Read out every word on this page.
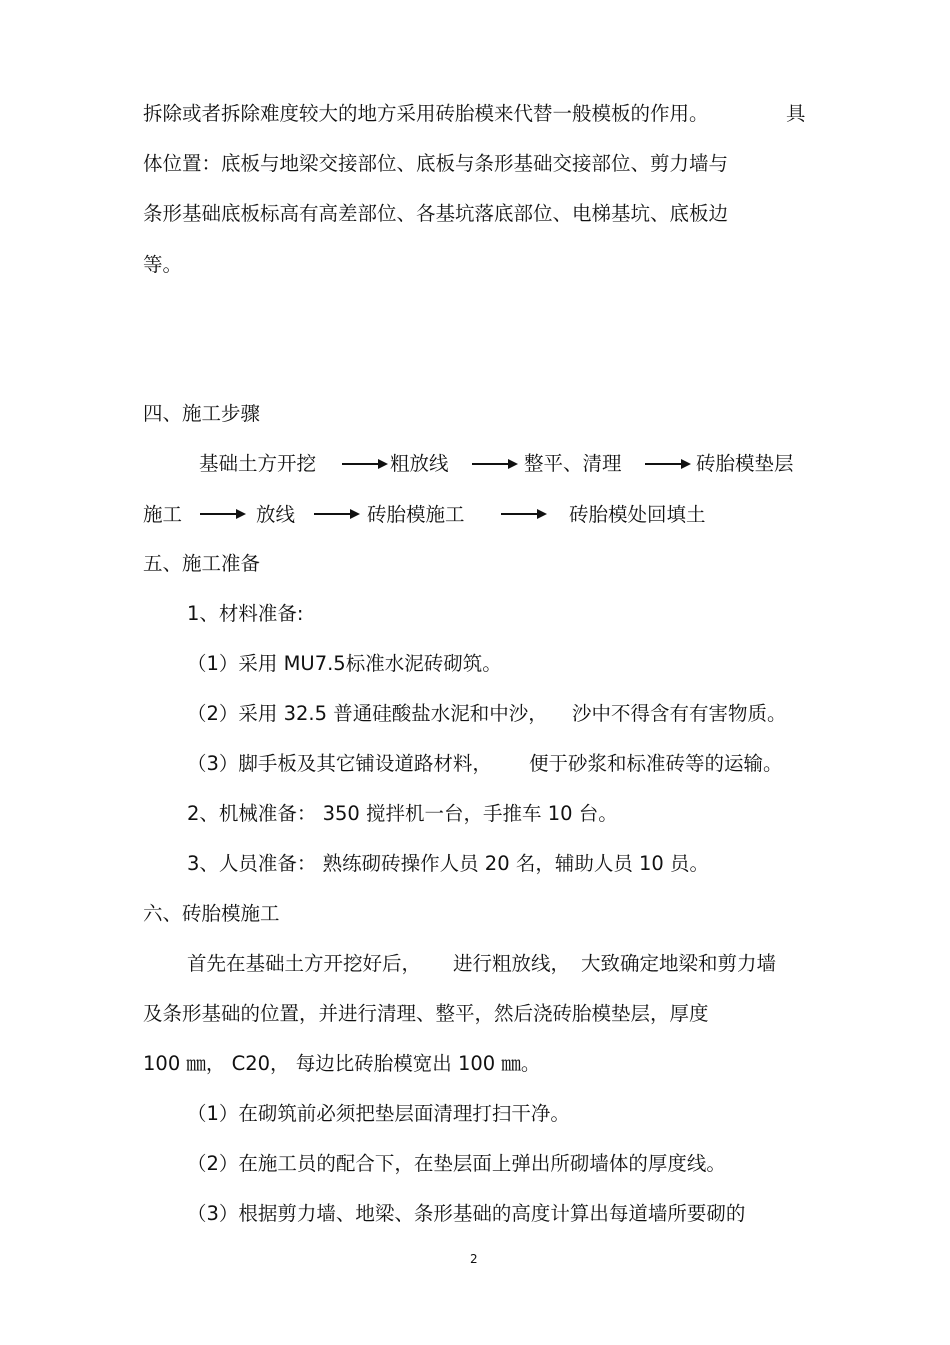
拆除或者拆除难度较大的地方采用砖胎模来代替一般模板的作用。	具
体位置：底板与地梁交接部位、底板与条形基础交接部位、剪力墙与
条形基础底板标高有高差部位、各基坑落底部位、电梯基坑、底板边
等。
四、施工步骤
基础土方开挖	粗放线	整平、清理	砖胎模垫层
施工	放线	砖胎模施工	砖胎模处回填土
五、施工准备
1、材料准备:
（1）采用 MU7.5标准水泥砖砌筑。
（2）采用 32.5 普通硅酸盐水泥和中沙， 沙中不得含有有害物质。
（3）脚手板及其它铺设道路材料， 便于砂浆和标准砖等的运输。
2、机械准备： 350 搅拌机一台，手推车 10 台。
3、人员准备： 熟练砌砖操作人员 20 名，辅助人员 10 员。
六、砖胎模施工
首先在基础土方开挖好后， 进行粗放线， 大致确定地梁和剪力墙
及条形基础的位置，并进行清理、整平，然后浇砖胎模垫层，厚度
100 ㎜， C20， 每边比砖胎模宽出 100 ㎜。
（1）在砌筑前必须把垫层面清理打扫干净。
（2）在施工员的配合下，在垫层面上弹出所砌墙体的厚度线。
（3）根据剪力墙、地梁、条形基础的高度计算出每道墙所要砌的
2
